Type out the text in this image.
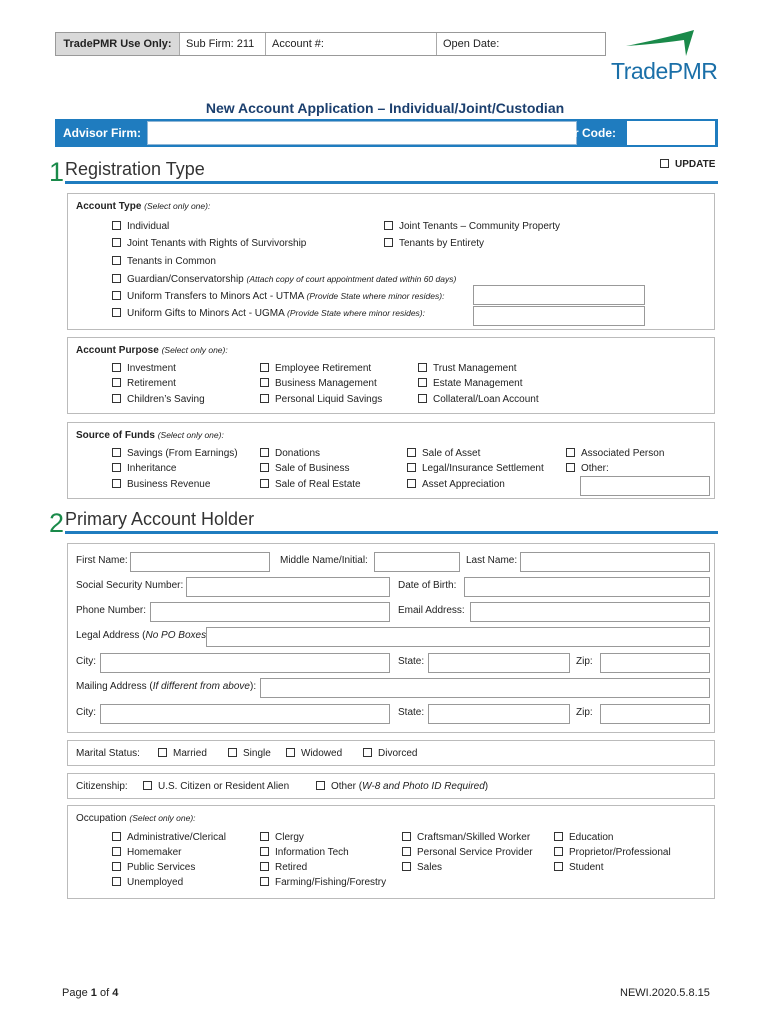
TradePMR Use Only:	Sub Firm: 211	Account #:	Open Date:
TradePMR
New Account Application – Individual/Joint/Custodian
Advisor Firm:	Advisor Code:
1 Registration Type	UPDATE
Account Type (Select only one):
Individual
Joint Tenants with Rights of Survivorship
Tenants in Common
Guardian/Conservatorship (Attach copy of court appointment dated within 60 days)
Uniform Transfers to Minors Act - UTMA (Provide State where minor resides):
Uniform Gifts to Minors Act - UGMA (Provide State where minor resides):
Joint Tenants – Community Property
Tenants by Entirety
Account Purpose (Select only one):
Investment
Retirement
Children’s Saving
Employee Retirement
Business Management
Personal Liquid Savings
Trust Management
Estate Management
Collateral/Loan Account
Source of Funds (Select only one):
Savings (From Earnings)
Inheritance
Business Revenue
Donations
Sale of Business
Sale of Real Estate
Sale of Asset
Legal/Insurance Settlement
Asset Appreciation
Associated Person
Other:
2 Primary Account Holder
First Name:	Middle Name/Initial:	Last Name:
Social Security Number:	Date of Birth:
Phone Number:	Email Address:
Legal Address (No PO Boxes
City:	State:	Zip:
Mailing Address (If different from above):
City:	State:	Zip:
Marital Status:	Married	Single	Widowed	Divorced
Citizenship:	U.S. Citizen or Resident Alien	Other (W-8 and Photo ID Required)
Occupation (Select only one):
Administrative/Clerical
Homemaker
Public Services
Unemployed
Clergy
Information Tech
Retired
Farming/Fishing/Forestry
Craftsman/Skilled Worker
Personal Service Provider
Sales
Education
Proprietor/Professional
Student
Page 1 of 4	NEWI.2020.5.8.15
